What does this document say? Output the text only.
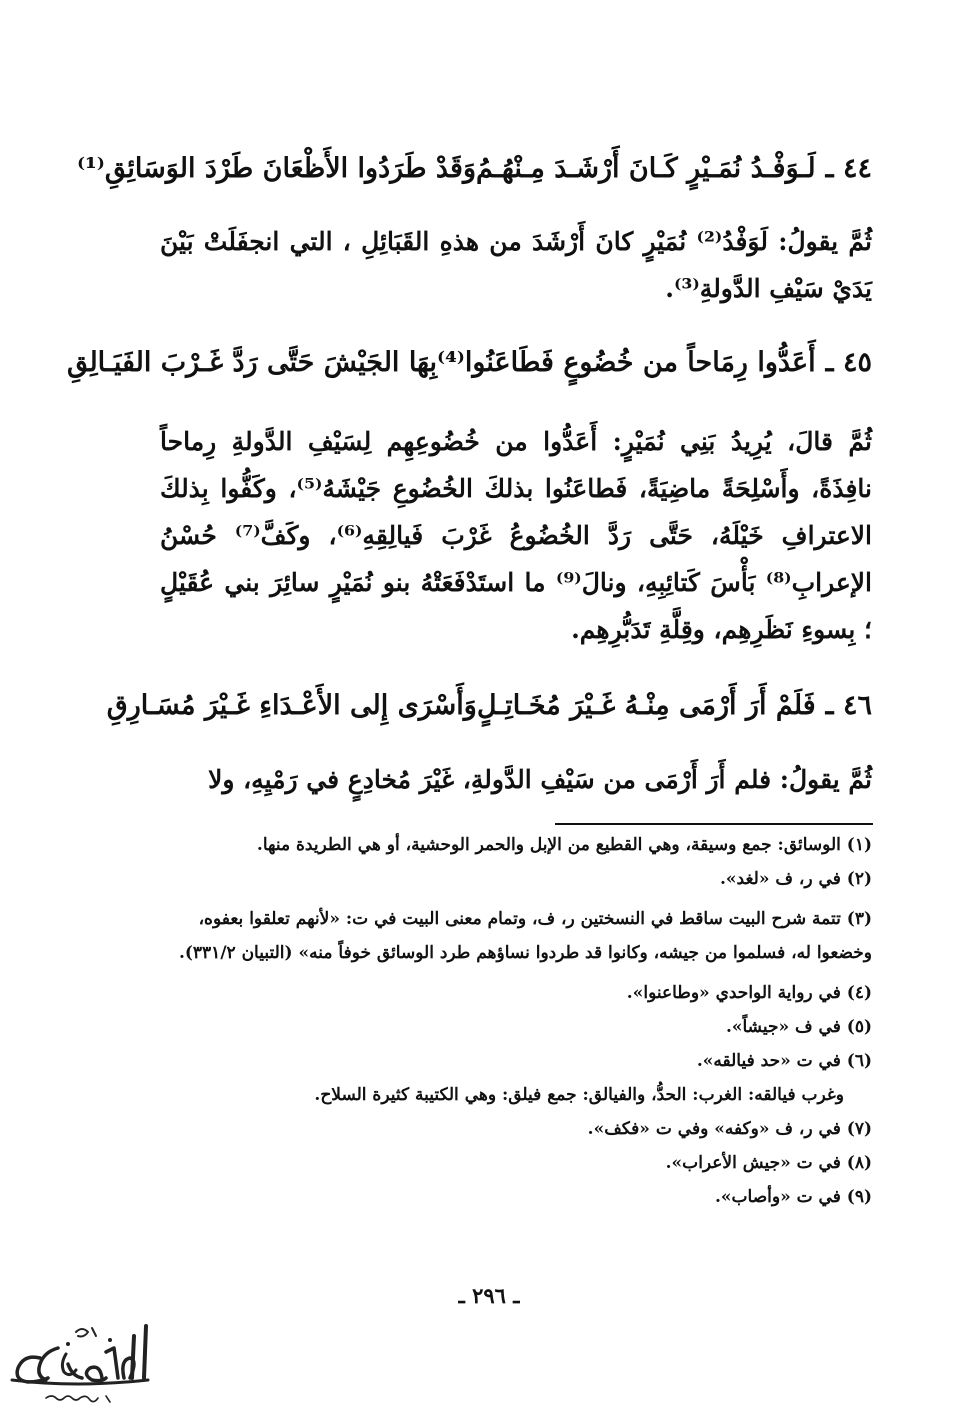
٤٤ ـ
لَـوَفْـدُ نُمَـيْرٍ كَـانَ أَرْشَـدَ مِـنْهُـمُ
وَقَدْ طَرَدُوا الأَظْعَانَ طَرْدَ الوَسَائِقِ⁽¹⁾
ثُمَّ يقولُ: لَوَفْدُ⁽²⁾ نُمَيْرٍ كانَ أَرْشَدَ من هذهِ القَبَائِلِ ، التي انجفَلَتْ بَيْنَ يَدَيْ سَيْفِ الدَّولةِ⁽³⁾.
٤٥ ـ
أَعَدُّوا رِمَاحاً من خُضُوعٍ فَطَاعَنُوا⁽⁴⁾
بِهَا الجَيْشَ حَتَّى رَدَّ غَـرْبَ الفَيَـالِقِ
ثُمَّ قالَ، يُرِيدُ بَنِي نُمَيْرٍ: أَعَدُّوا من خُضُوعِهِم لِسَيْفِ الدَّولةِ رِماحاً نافِذَةً، وأَسْلِحَةً ماضِيَةً، فَطاعَنُوا بذلكَ الخُضُوعِ جَيْشَهُ⁽⁵⁾، وكَفُّوا بِذلكَ الاعترافِ خَيْلَهُ، حَتَّى رَدَّ الخُضُوعُ غَرْبَ فَيالِقِهِ⁽⁶⁾، وكَفَّ⁽⁷⁾ حُسْنُ الإعرابِ⁽⁸⁾ بَأْسَ كَتائِبِهِ، ونالَ⁽⁹⁾ ما استَدْفَعَتْهُ بنو نُمَيْرٍ سائِرَ بني عُقَيْلٍ ؛ بِسوءِ نَظَرِهِم، وقِلَّةِ تَدَبُّرِهِم.
٤٦ ـ
فَلَمْ أَرَ أَرْمَى مِنْـهُ غَـيْرَ مُخَـاتِـلٍ
وَأَسْرَى إِلى الأَعْـدَاءِ غَـيْرَ مُسَـارِقِ
ثُمَّ يقولُ: فلم أَرَ أَرْمَى من سَيْفِ الدَّولةِ، غَيْرَ مُخادِعٍ في رَمْيِهِ، ولا

(١) الوسائق: جمع وسيقة، وهي القطيع من الإبل والحمر الوحشية، أو هي الطريدة منها.

(٢) في ر، ف «لغد».

(٣) تتمة شرح البيت ساقط في النسختين ر، ف، وتمام معنى البيت في ت: «لأنهم تعلقوا بعفوه، وخضعوا له، فسلموا من جيشه، وكانوا قد طردوا نساؤهم طرد الوسائق خوفاً منه» (التبيان ٣٣١/٢).

(٤) في رواية الواحدي «وطاعنوا».

(٥) في ف «جيشاً».

(٦) في ت «حد فيالقه».

وغرب فيالقه: الغرب: الحدُّ، والفيالق: جمع فيلق: وهي الكتيبة كثيرة السلاح.

(٧) في ر، ف «وكفه» وفي ت «فكف».

(٨) في ت «جيش الأعراب».

(٩) في ت «وأصاب».

ـ ٢٩٦ ـ
